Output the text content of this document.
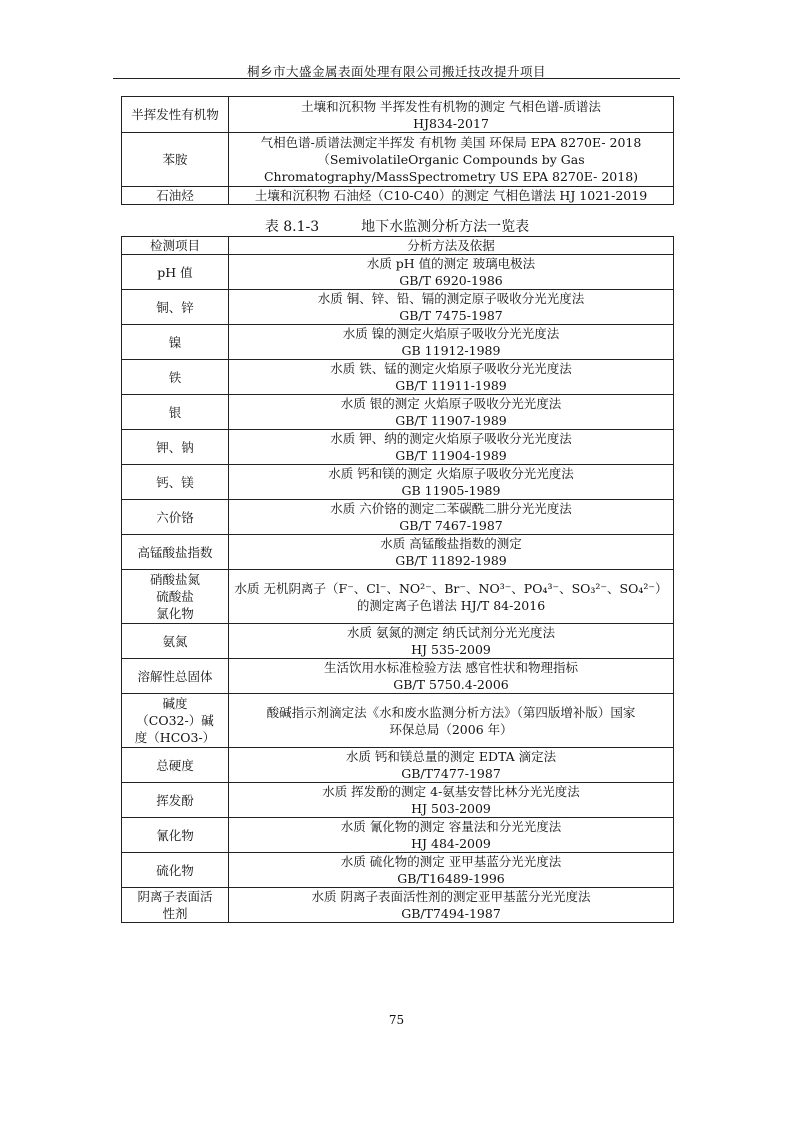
桐乡市大盛金属表面处理有限公司搬迁技改提升项目
半挥发性有机物	土壤和沉积物 半挥发性有机物的测定 气相色谱-质谱法
HJ834-2017

苯胺	气相色谱-质谱法测定半挥发 有机物 美国 环保局 EPA 8270E- 2018
（SemivolatileOrganic Compounds by Gas
Chromatography/MassSpectrometry US EPA 8270E- 2018)

石油烃	土壤和沉积物 石油烃（C10-C40）的测定 气相色谱法 HJ 1021-2019
表 8.1-3	地下水监测分析方法一览表
检测项目	分析方法及依据

pH 值	水质 pH 值的测定 玻璃电极法
GB/T 6920-1986

铜、锌	水质 铜、锌、铅、镉的测定原子吸收分光光度法
GB/T 7475-1987

镍	水质 镍的测定火焰原子吸收分光光度法
GB 11912-1989

铁	水质 铁、锰的测定火焰原子吸收分光光度法
GB/T 11911-1989

银	水质 银的测定 火焰原子吸收分光光度法
GB/T 11907-1989

钾、钠	水质 钾、纳的测定火焰原子吸收分光光度法
GB/T 11904-1989

钙、镁	水质 钙和镁的测定 火焰原子吸收分光光度法
GB 11905-1989

六价铬	水质 六价铬的测定二苯碳酰二肼分光光度法
GB/T 7467-1987

高锰酸盐指数	水质 高锰酸盐指数的测定
GB/T 11892-1989

硝酸盐氮
硫酸盐
氯化物	水质 无机阴离子（F⁻、Cl⁻、NO²⁻、Br⁻、NO³⁻、PO₄³⁻、SO₃²⁻、SO₄²⁻）
的测定离子色谱法 HJ/T 84-2016

氨氮	水质 氨氮的测定 纳氏试剂分光光度法
HJ 535-2009

溶解性总固体	生活饮用水标准检验方法 感官性状和物理指标
GB/T 5750.4-2006

碱度
（CO32-）碱
度（HCO3-）	酸碱指示剂滴定法《水和废水监测分析方法》（第四版增补版）国家
环保总局（2006 年）

总硬度	水质 钙和镁总量的测定 EDTA 滴定法
GB/T7477-1987

挥发酚	水质 挥发酚的测定 4-氨基安替比林分光光度法
HJ 503-2009

氰化物	水质 氰化物的测定 容量法和分光光度法
HJ 484-2009

硫化物	水质 硫化物的测定 亚甲基蓝分光光度法
GB/T16489-1996

阴离子表面活
性剂	水质 阴离子表面活性剂的测定亚甲基蓝分光光度法
GB/T7494-1987
75
